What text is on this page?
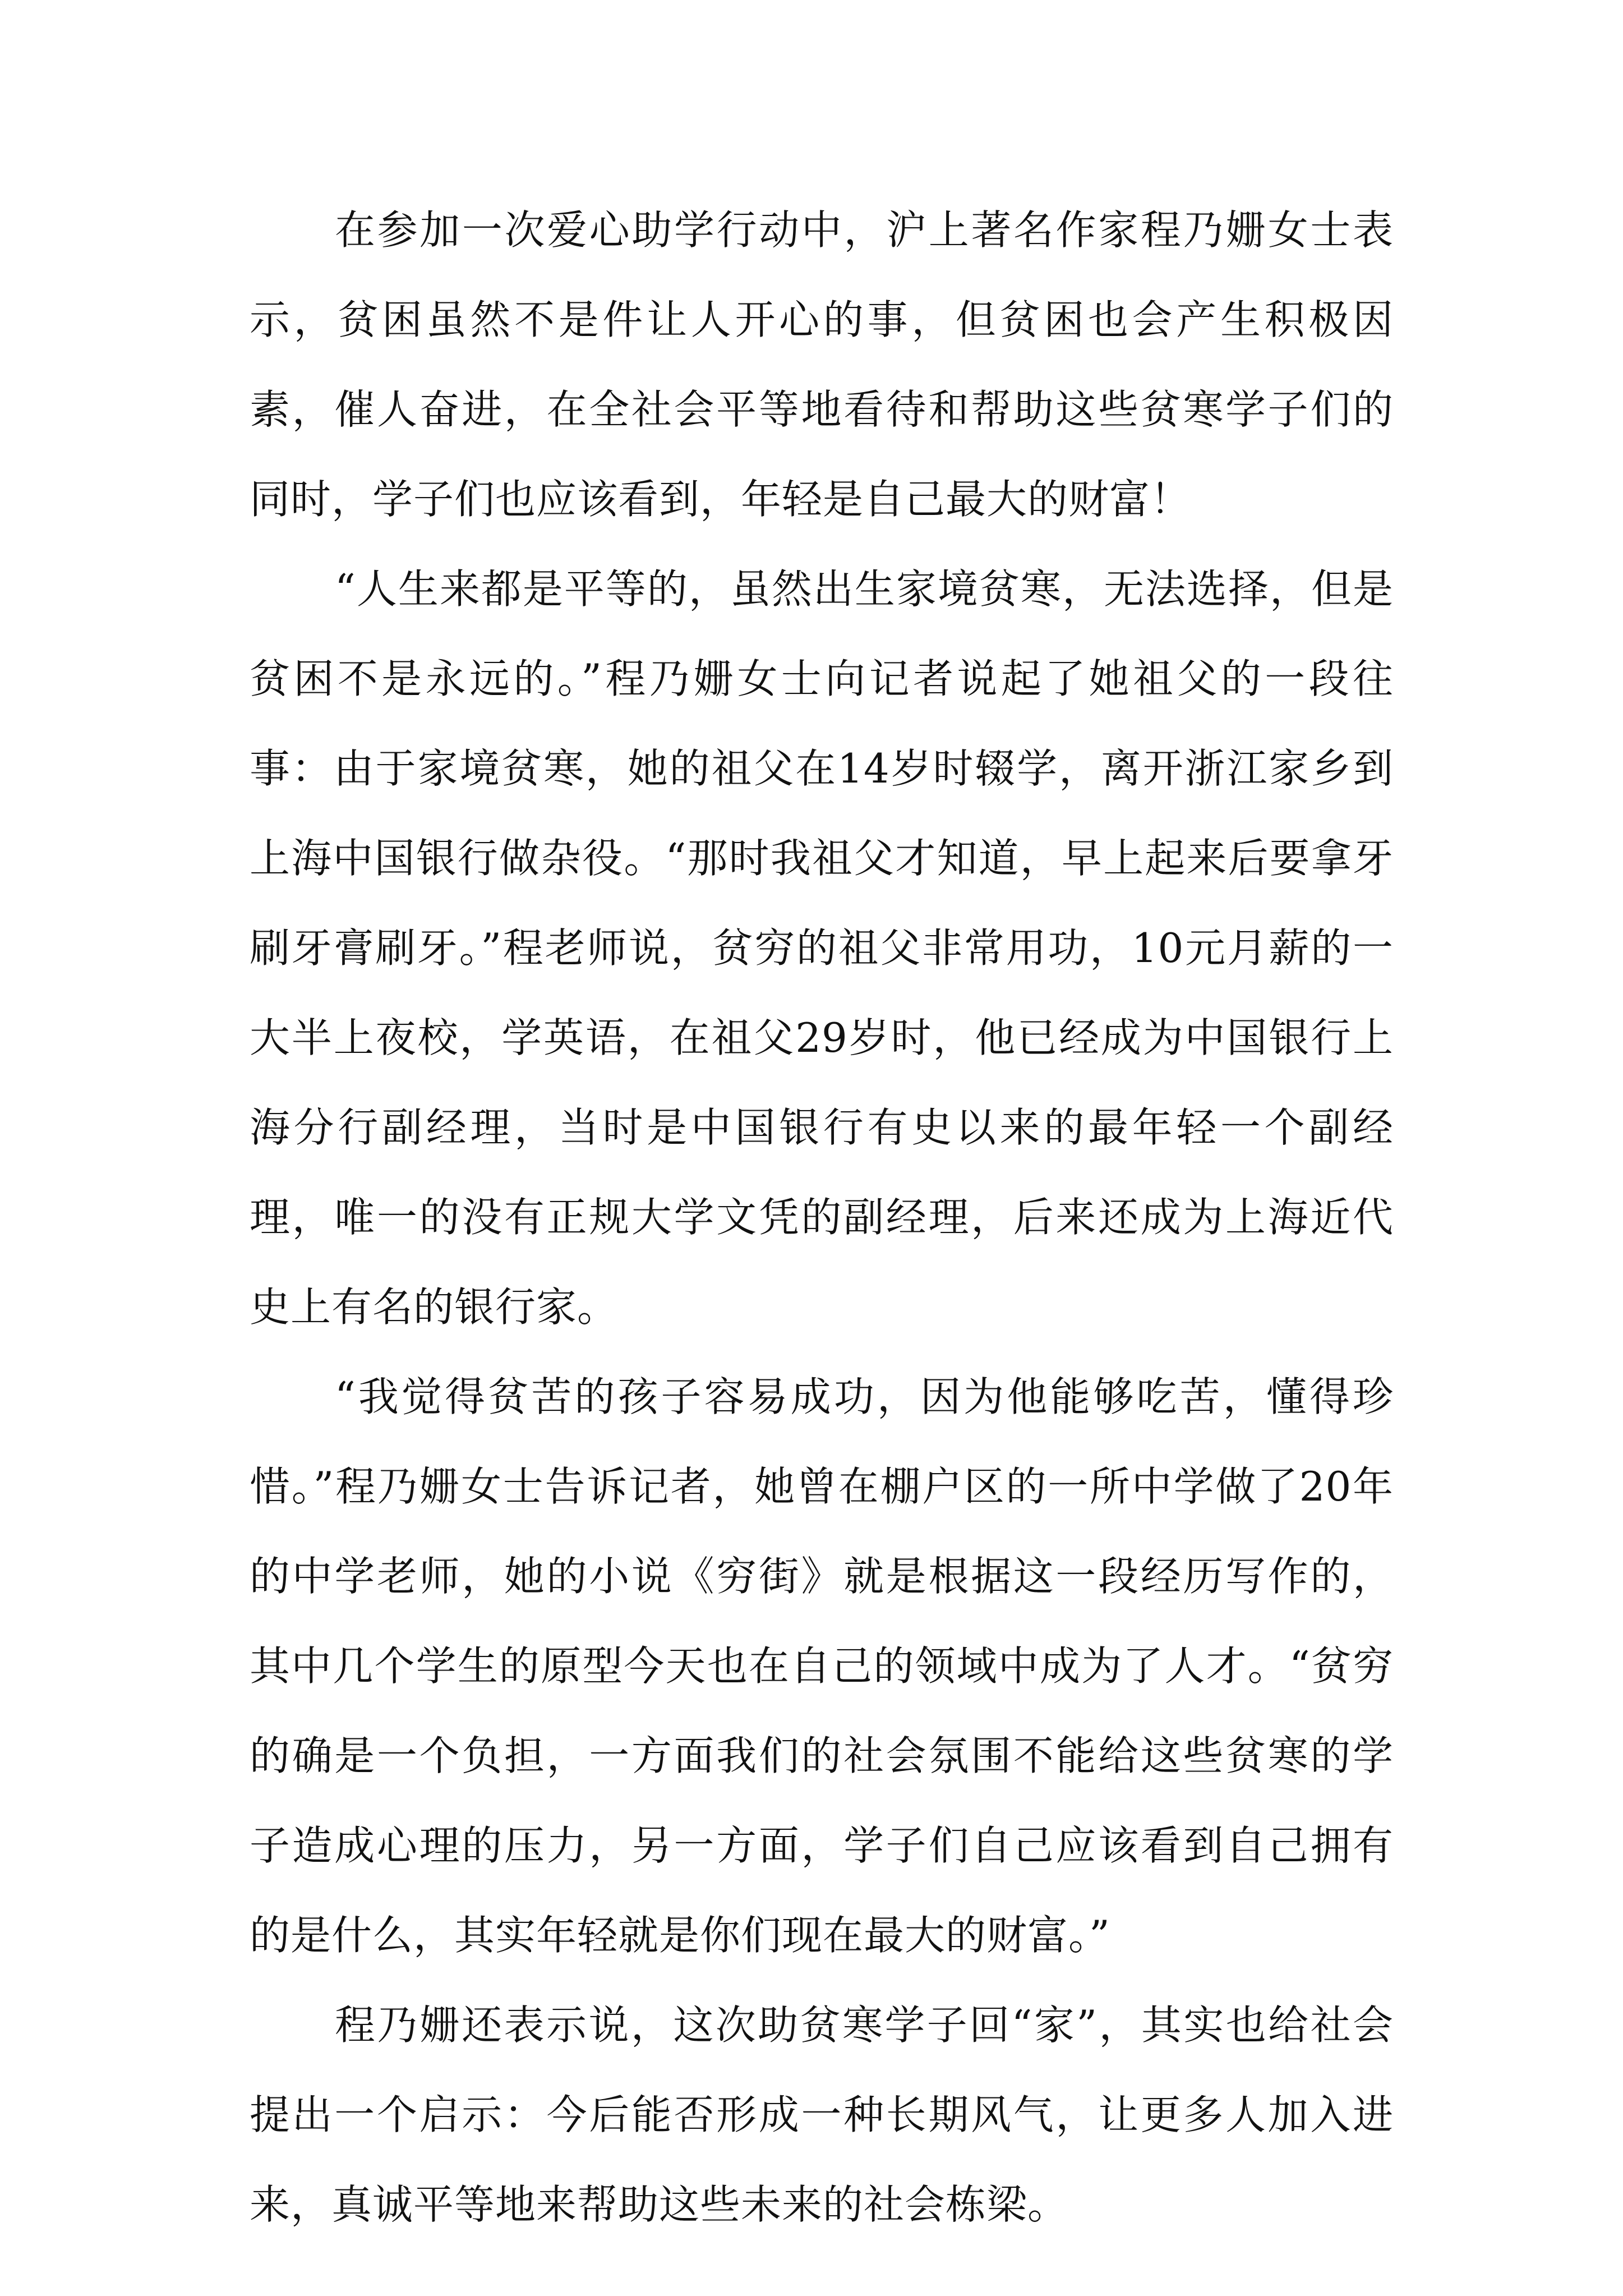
在参加一次爱心助学行动中，沪上著名作家程乃姗女士表示，贫困虽然不是件让人开心的事，但贫困也会产生积极因素，催人奋进，在全社会平等地看待和帮助这些贫寒学子们的同时，学子们也应该看到，年轻是自己最大的财富！

“人生来都是平等的，虽然出生家境贫寒，无法选择，但是贫困不是永远的。”程乃姗女士向记者说起了她祖父的一段往事：由于家境贫寒，她的祖父在14岁时辍学，离开浙江家乡到上海中国银行做杂役。“那时我祖父才知道，早上起来后要拿牙刷牙膏刷牙。”程老师说，贫穷的祖父非常用功，10元月薪的一大半上夜校，学英语，在祖父29岁时，他已经成为中国银行上海分行副经理，当时是中国银行有史以来的最年轻一个副经理，唯一的没有正规大学文凭的副经理，后来还成为上海近代史上有名的银行家。

“我觉得贫苦的孩子容易成功，因为他能够吃苦，懂得珍惜。”程乃姗女士告诉记者，她曾在棚户区的一所中学做了20年的中学老师，她的小说《穷街》就是根据这一段经历写作的，其中几个学生的原型今天也在自己的领域中成为了人才。“贫穷的确是一个负担，一方面我们的社会氛围不能给这些贫寒的学子造成心理的压力，另一方面，学子们自己应该看到自己拥有的是什么，其实年轻就是你们现在最大的财富。”

程乃姗还表示说，这次助贫寒学子回“家”，其实也给社会提出一个启示：今后能否形成一种长期风气，让更多人加入进来，真诚平等地来帮助这些未来的社会栋梁。
